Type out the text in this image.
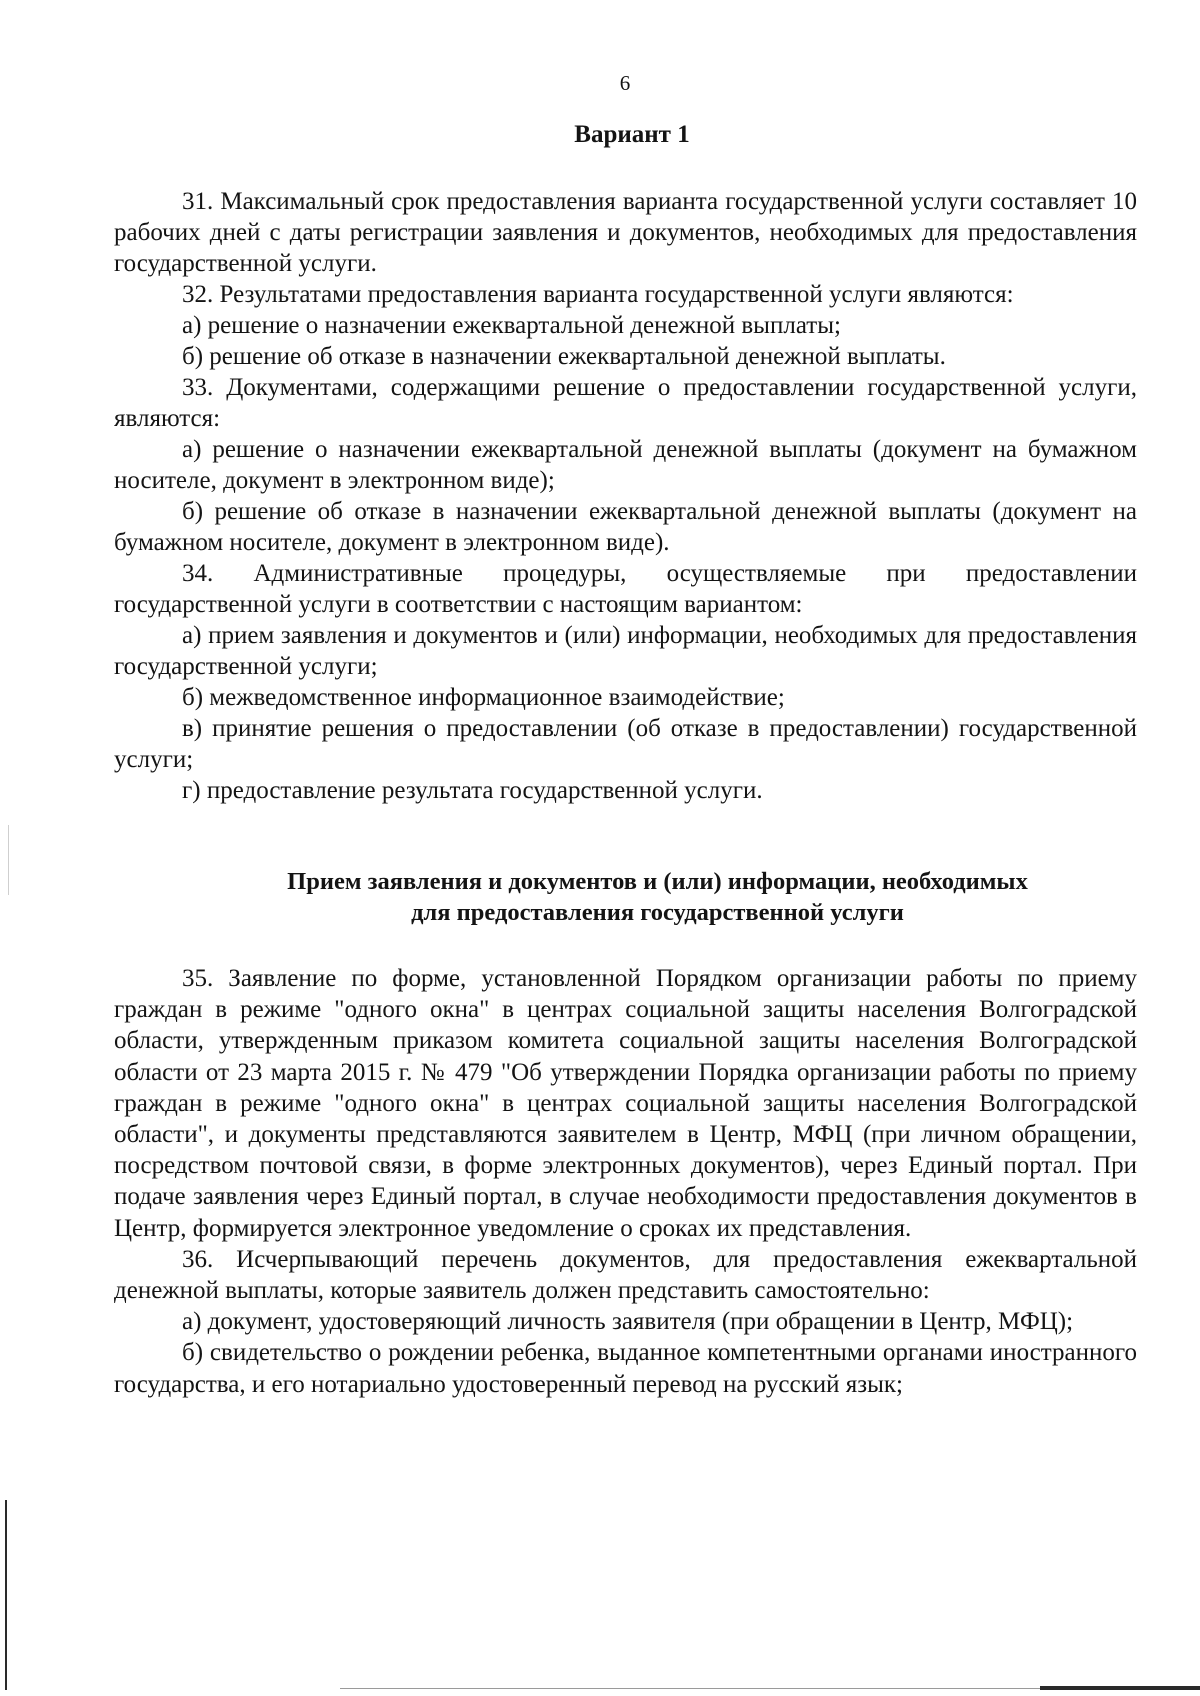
6
Вариант 1

31. Максимальный срок предоставления варианта государственной услуги составляет 10 рабочих дней с даты регистрации заявления и документов, необходимых для предоставления государственной услуги.

32. Результатами предоставления варианта государственной услуги являются:

а) решение о назначении ежеквартальной денежной выплаты;

б) решение об отказе в назначении ежеквартальной денежной выплаты.

33. Документами, содержащими решение о предоставлении государственной услуги, являются:

а) решение о назначении ежеквартальной денежной выплаты (документ на бумажном носителе, документ в электронном виде);

б) решение об отказе в назначении ежеквартальной денежной выплаты (документ на бумажном носителе, документ в электронном виде).

34. Административные процедуры, осуществляемые при предоставлении государственной услуги в соответствии с настоящим вариантом:

а) прием заявления и документов и (или) информации, необходимых для предоставления государственной услуги;

б) межведомственное информационное взаимодействие;

в) принятие решения о предоставлении (об отказе в предоставлении) государственной услуги;

г) предоставление результата государственной услуги.

Прием заявления и документов и (или) информации, необходимых
для предоставления государственной услуги

35. Заявление по форме, установленной Порядком организации работы по приему граждан в режиме "одного окна" в центрах социальной защиты населения Волгоградской области, утвержденным приказом комитета социальной защиты населения Волгоградской области от 23 марта 2015 г. № 479 "Об утверждении Порядка организации работы по приему граждан в режиме "одного окна" в центрах социальной защиты населения Волгоградской области", и документы представляются заявителем в Центр, МФЦ (при личном обращении, посредством почтовой связи, в форме электронных документов), через Единый портал. При подаче заявления через Единый портал, в случае необходимости предоставления документов в Центр, формируется электронное уведомление о сроках их представления.

36. Исчерпывающий перечень документов, для предоставления ежеквартальной денежной выплаты, которые заявитель должен представить самостоятельно:

а) документ, удостоверяющий личность заявителя (при обращении в Центр, МФЦ);

б) свидетельство о рождении ребенка, выданное компетентными органами иностранного государства, и его нотариально удостоверенный перевод на русский язык;
